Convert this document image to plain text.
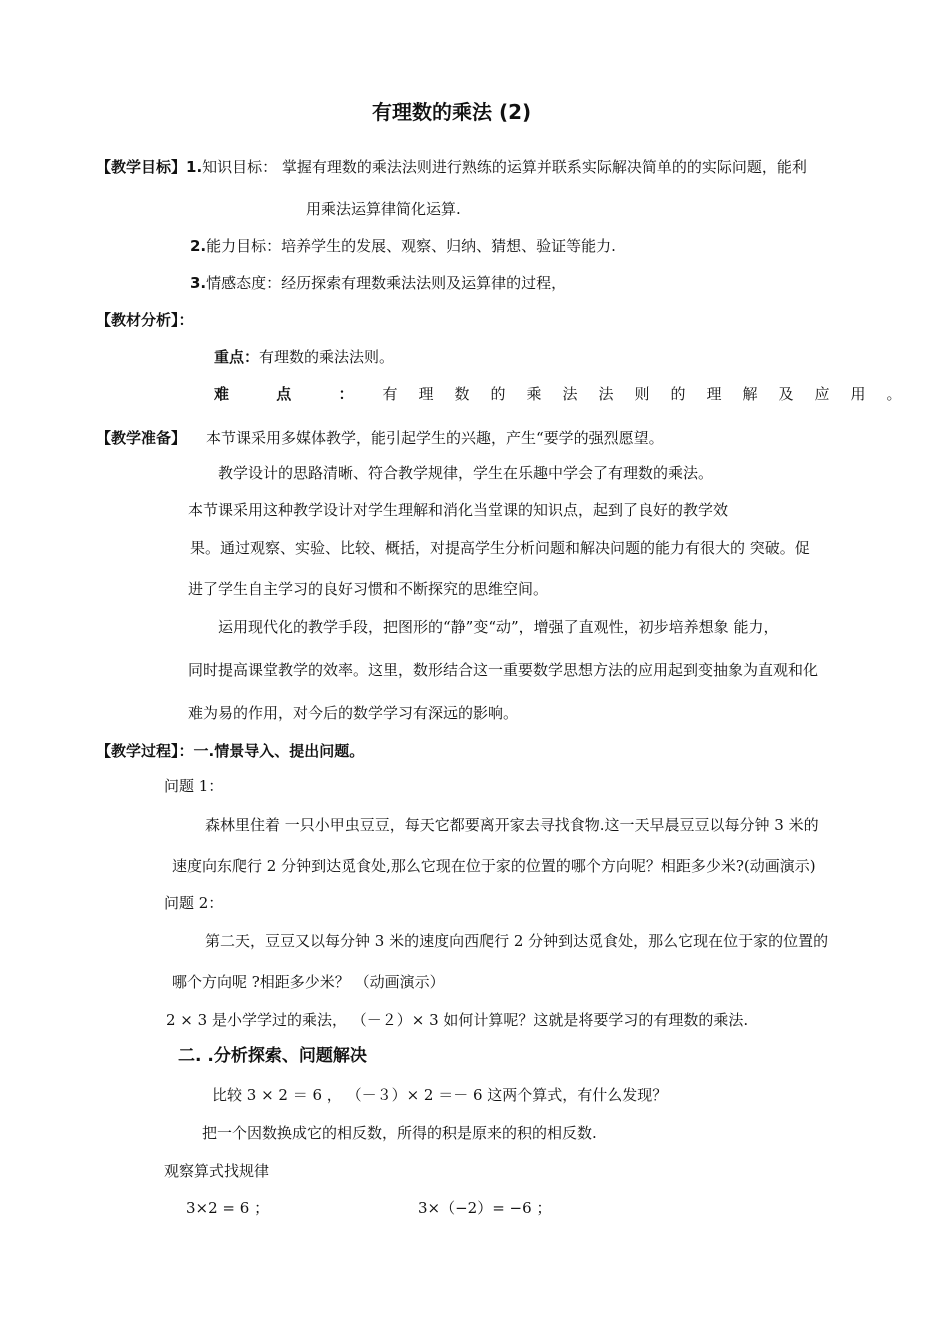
有理数的乘法 (2)
【教学目标】1.知识目标： 掌握有理数的乘法法则进行熟练的运算并联系实际解决简单的的实际问题，能利
用乘法运算律简化运算.
2.能力目标：培养学生的发展、观察、归纳、猜想、验证等能力.
3.情感态度：经历探索有理数乘法法则及运算律的过程，
【教材分析】：
重点：有理数的乘法法则。
难 点 ： 有理数的乘法法则的理解及应用。
【教学准备】 本节课采用多媒体教学，能引起学生的兴趣，产生“要学的强烈愿望。
教学设计的思路清晰、符合教学规律，学生在乐趣中学会了有理数的乘法。
本节课采用这种教学设计对学生理解和消化当堂课的知识点，起到了良好的教学效
果。通过观察、实验、比较、概括，对提高学生分析问题和解决问题的能力有很大的 突破。促
进了学生自主学习的良好习惯和不断探究的思维空间。
运用现代化的教学手段，把图形的“静”变“动”，增强了直观性，初步培养想象 能力，
同时提高课堂教学的效率。这里，数形结合这一重要数学思想方法的应用起到变抽象为直观和化
难为易的作用，对今后的数学学习有深远的影响。
【教学过程】：一.情景导入、提出问题。
问题 1：
森林里住着 一只小甲虫豆豆，每天它都要离开家去寻找食物.这一天早晨豆豆以每分钟 3 米的
速度向东爬行 2 分钟到达觅食处,那么它现在位于家的位置的哪个方向呢？相距多少米?(动画演示)
问题 2：
第二天，豆豆又以每分钟 3 米的速度向西爬行 2 分钟到达觅食处，那么它现在位于家的位置的
哪个方向呢 ?相距多少米？ （动画演示）
2 × 3 是小学学过的乘法， （－２）× 3 如何计算呢？这就是将要学习的有理数的乘法.
二. .分析探索、问题解决
比较 3 × 2 ＝ 6 ， （－３）× 2 ＝－ 6 这两个算式，有什么发现？
把一个因数换成它的相反数，所得的积是原来的积的相反数.
观察算式找规律
3×2 = 6 ；	3×（−2）= −6 ；
